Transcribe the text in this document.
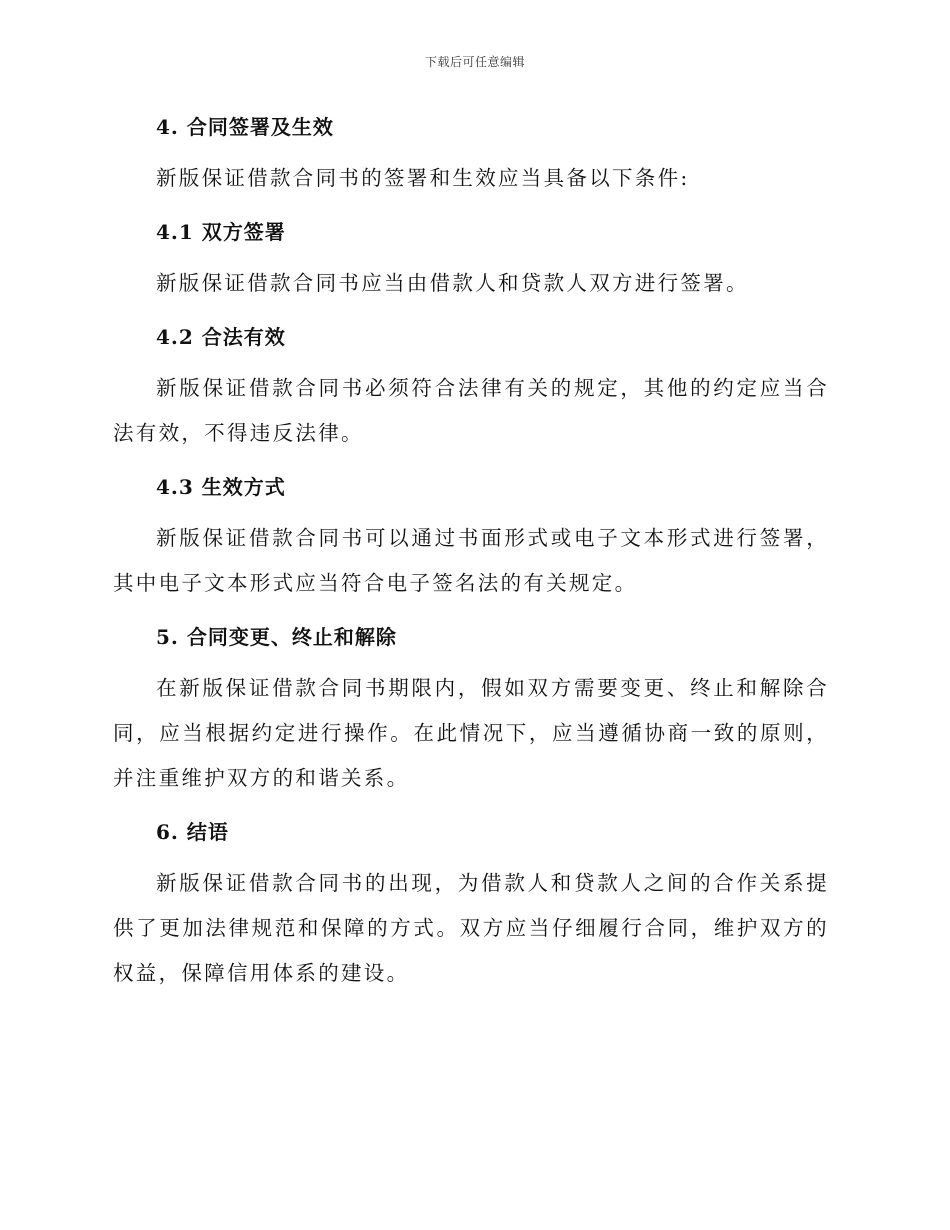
下载后可任意编辑

4. 合同签署及生效

新版保证借款合同书的签署和生效应当具备以下条件:

4.1 双方签署

新版保证借款合同书应当由借款人和贷款人双方进行签署。

4.2 合法有效

新版保证借款合同书必须符合法律有关的规定，其他的约定应当合法有效，不得违反法律。

4.3 生效方式

新版保证借款合同书可以通过书面形式或电子文本形式进行签署，其中电子文本形式应当符合电子签名法的有关规定。

5. 合同变更、终止和解除

在新版保证借款合同书期限内，假如双方需要变更、终止和解除合同，应当根据约定进行操作。在此情况下，应当遵循协商一致的原则，并注重维护双方的和谐关系。

6. 结语

新版保证借款合同书的出现，为借款人和贷款人之间的合作关系提供了更加法律规范和保障的方式。双方应当仔细履行合同，维护双方的权益，保障信用体系的建设。
